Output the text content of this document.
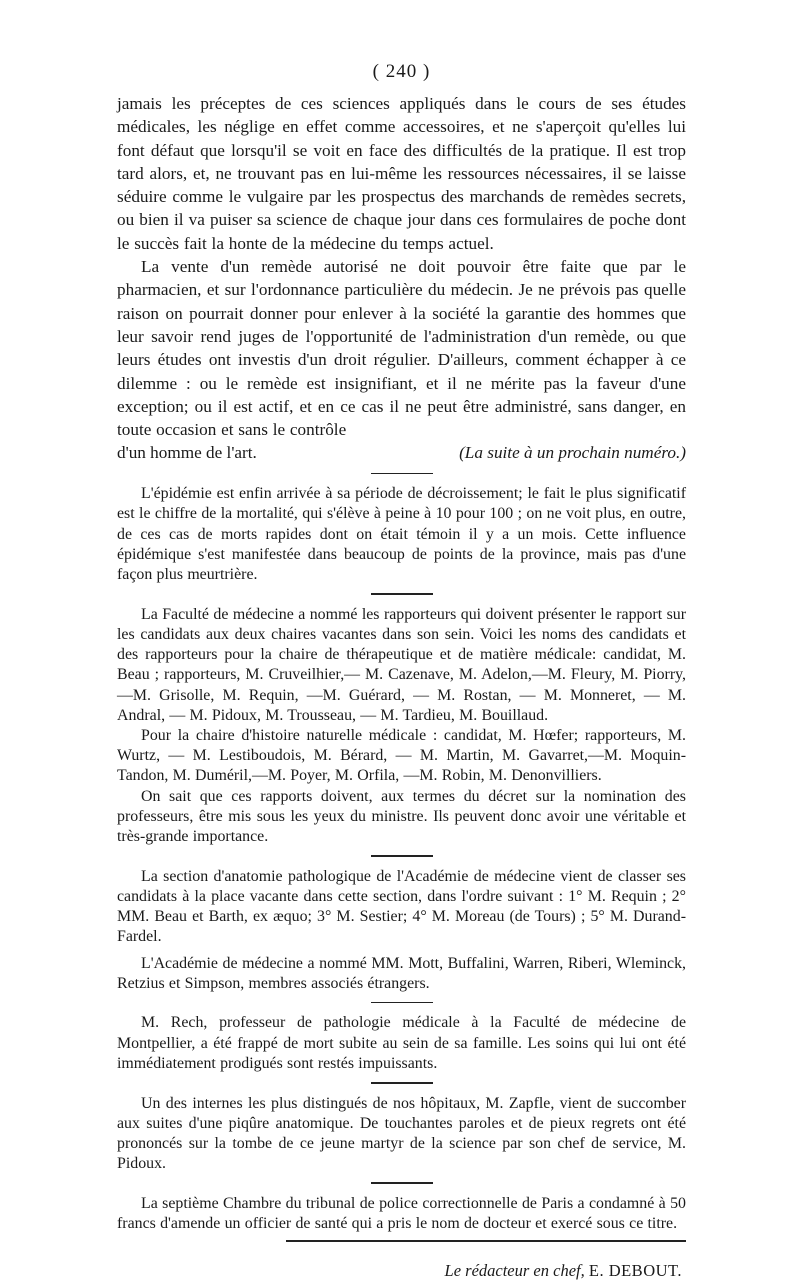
( 240 )

jamais les préceptes de ces sciences appliqués dans le cours de ses études médicales, les néglige en effet comme accessoires, et ne s'aperçoit qu'elles lui font défaut que lorsqu'il se voit en face des difficultés de la pratique. Il est trop tard alors, et, ne trouvant pas en lui-même les ressources nécessaires, il se laisse séduire comme le vulgaire par les prospectus des marchands de remèdes secrets, ou bien il va puiser sa science de chaque jour dans ces formulaires de poche dont le succès fait la honte de la médecine du temps actuel.

La vente d'un remède autorisé ne doit pouvoir être faite que par le pharmacien, et sur l'ordonnance particulière du médecin. Je ne prévois pas quelle raison on pourrait donner pour enlever à la société la garantie des hommes que leur savoir rend juges de l'opportunité de l'administration d'un remède, ou que leurs études ont investis d'un droit régulier. D'ailleurs, comment échapper à ce dilemme : ou le remède est insignifiant, et il ne mérite pas la faveur d'une exception; ou il est actif, et en ce cas il ne peut être administré, sans danger, en toute occasion et sans le contrôle

d'un homme de l'art.	(La suite à un prochain numéro.)

L'épidémie est enfin arrivée à sa période de décroissement; le fait le plus significatif est le chiffre de la mortalité, qui s'élève à peine à 10 pour 100 ; on ne voit plus, en outre, de ces cas de morts rapides dont on était témoin il y a un mois. Cette influence épidémique s'est manifestée dans beaucoup de points de la province, mais pas d'une façon plus meurtrière.

La Faculté de médecine a nommé les rapporteurs qui doivent présenter le rapport sur les candidats aux deux chaires vacantes dans son sein. Voici les noms des candidats et des rapporteurs pour la chaire de thérapeutique et de matière médicale: candidat, M. Beau ; rapporteurs, M. Cruveilhier,— M. Cazenave, M. Adelon,—M. Fleury, M. Piorry,—M. Grisolle, M. Requin, —M. Guérard, — M. Rostan, — M. Monneret, — M. Andral, — M. Pidoux, M. Trousseau, — M. Tardieu, M. Bouillaud.

Pour la chaire d'histoire naturelle médicale : candidat, M. Hœfer; rapporteurs, M. Wurtz, — M. Lestiboudois, M. Bérard, — M. Martin, M. Gavarret,—M. Moquin-Tandon, M. Duméril,—M. Poyer, M. Orfila, —M. Robin, M. Denonvilliers.

On sait que ces rapports doivent, aux termes du décret sur la nomination des professeurs, être mis sous les yeux du ministre. Ils peuvent donc avoir une véritable et très-grande importance.

La section d'anatomie pathologique de l'Académie de médecine vient de classer ses candidats à la place vacante dans cette section, dans l'ordre suivant : 1° M. Requin ; 2° MM. Beau et Barth, ex æquo; 3° M. Sestier; 4° M. Moreau (de Tours) ; 5° M. Durand-Fardel.

L'Académie de médecine a nommé MM. Mott, Buffalini, Warren, Riberi, Wleminck, Retzius et Simpson, membres associés étrangers.

M. Rech, professeur de pathologie médicale à la Faculté de médecine de Montpellier, a été frappé de mort subite au sein de sa famille. Les soins qui lui ont été immédiatement prodigués sont restés impuissants.

Un des internes les plus distingués de nos hôpitaux, M. Zapfle, vient de succomber aux suites d'une piqûre anatomique. De touchantes paroles et de pieux regrets ont été prononcés sur la tombe de ce jeune martyr de la science par son chef de service, M. Pidoux.

La septième Chambre du tribunal de police correctionnelle de Paris a condamné à 50 francs d'amende un officier de santé qui a pris le nom de docteur et exercé sous ce titre.

Le rédacteur en chef, E. DEBOUT.
